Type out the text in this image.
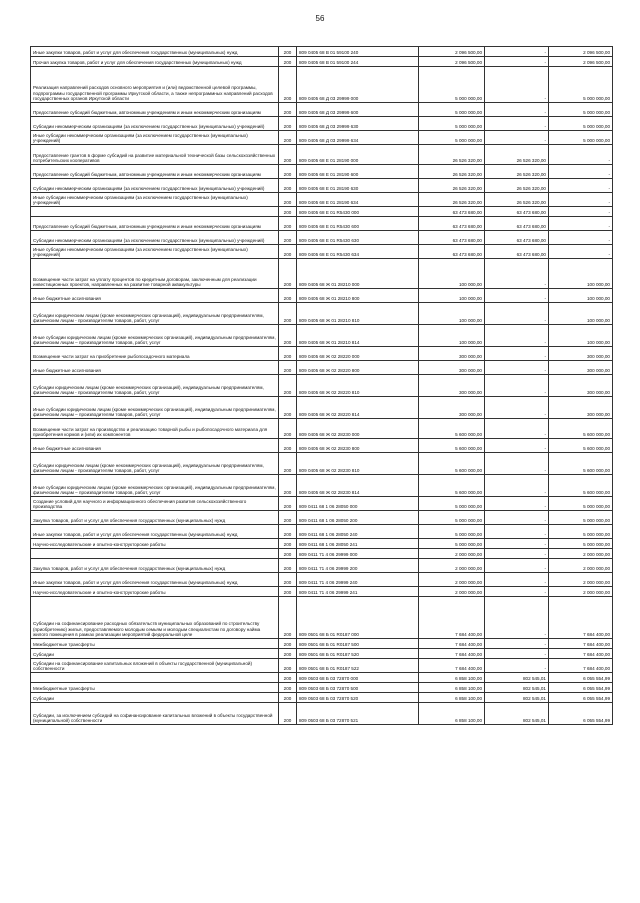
56
Иные закупки товаров, работ и услуг для обеспечения государственных (муниципальных) нужд	200	809 0405 68 В 01 59100 240	2 096 500,00	-	2 096 500,00
Прочая закупка товаров, работ и услуг для обеспечения государственных (муниципальных) нужд	200	809 0405 68 В 01 59100 244	2 096 500,00	-	2 096 500,00
Реализация направлений расходов основного мероприятия и (или) ведомственной целевой программы, подпрограммы государственной программы Иркутской области, а также непрограммных направлений расходов государственных органов Иркутской области	200	809 0405 68 Д 03 29999 000	5 000 000,00	-	5 000 000,00
Предоставление субсидий бюджетным, автономным учреждениям и иным некоммерческим организациям	200	809 0405 68 Д 03 29999 600	5 000 000,00	-	5 000 000,00
Субсидии некоммерческим организациям (за исключением государственных (муниципальных) учреждений)	200	809 0405 68 Д 03 29999 630	5 000 000,00	-	5 000 000,00
Иные субсидии некоммерческим организациям (за исключением государственных (муниципальных) учреждений)	200	809 0405 68 Д 03 29999 634	5 000 000,00	-	5 000 000,00
Предоставление грантов в форме субсидий на развитие материальной технической базы сельскохозяйственных потребительских кооперативов	200	809 0405 68 Е 01 28190 000	26 526 320,00	26 526 320,00	-
Предоставление субсидий бюджетным, автономным учреждениям и иным некоммерческим организациям	200	809 0405 68 Е 01 28190 600	26 526 320,00	26 526 320,00	-
Субсидии некоммерческим организациям (за исключением государственных (муниципальных) учреждений)	200	809 0405 68 Е 01 28190 630	26 526 320,00	26 526 320,00	-
Иные субсидии некоммерческим организациям (за исключением государственных (муниципальных) учреждений)	200	809 0405 68 Е 01 28190 634	26 526 320,00	26 526 320,00	-
	200	809 0405 68 Е 01 R5430 000	63 473 680,00	63 473 680,00	-
Предоставление субсидий бюджетным, автономным учреждениям и иным некоммерческим организациям	200	809 0405 68 Е 01 R5430 600	63 473 680,00	63 473 680,00	-
Субсидии некоммерческим организациям (за исключением государственных (муниципальных) учреждений)	200	809 0405 68 Е 01 R5430 630	63 473 680,00	63 473 680,00	-
Иные субсидии некоммерческим организациям (за исключением государственных (муниципальных) учреждений)	200	809 0405 68 Е 01 R5430 634	63 473 680,00	63 473 680,00	-
Возмещение части затрат на уплату процентов по кредитным договорам, заключенным для реализации инвестиционных проектов, направленных на развитие товарной аквакультуры	200	809 0405 68 Ж 01 28210 000	100 000,00	-	100 000,00
Иные бюджетные ассигнования	200	809 0405 68 Ж 01 28210 800	100 000,00	-	100 000,00
Субсидии юридическим лицам (кроме некоммерческих организаций), индивидуальным предпринимателям, физическим лицам - производителям товаров, работ, услуг	200	809 0405 68 Ж 01 28210 810	100 000,00	-	100 000,00
Иные субсидии юридическим лицам (кроме некоммерческих организаций), индивидуальным предпринимателям, физическим лицам – производителям товаров, работ, услуг	200	809 0405 68 Ж 01 28210 814	100 000,00	-	100 000,00
Возмещение части затрат на приобретение рыбопосадочного материала	200	809 0405 68 Ж 02 28220 000	300 000,00	-	300 000,00
Иные бюджетные ассигнования	200	809 0405 68 Ж 02 28220 800	300 000,00	-	300 000,00
Субсидии юридическим лицам (кроме некоммерческих организаций), индивидуальным предпринимателям, физическим лицам - производителям товаров, работ, услуг	200	809 0405 68 Ж 02 28220 810	300 000,00	-	300 000,00
Иные субсидии юридическим лицам (кроме некоммерческих организаций), индивидуальным предпринимателям, физическим лицам – производителям товаров, работ, услуг	200	809 0405 68 Ж 02 28220 814	300 000,00	-	300 000,00
Возмещение части затрат на производство и реализацию товарной рыбы и рыбопосадочного материала для приобретения кормов и (или) их компонентов	200	809 0405 68 Ж 02 28230 000	5 600 000,00	-	5 600 000,00
Иные бюджетные ассигнования	200	809 0405 68 Ж 02 28230 800	5 600 000,00	-	5 600 000,00
Субсидии юридическим лицам (кроме некоммерческих организаций), индивидуальным предпринимателям, физическим лицам - производителям товаров, работ, услуг	200	809 0405 68 Ж 02 28230 810	5 600 000,00	-	5 600 000,00
Иные субсидии юридическим лицам (кроме некоммерческих организаций), индивидуальным предпринимателям, физическим лицам – производителям товаров, работ, услуг	200	809 0405 68 Ж 02 28230 814	5 600 000,00	-	5 600 000,00
Создание условий для научного и информационного обеспечения развития сельскохозяйственного производства	200	809 0411 68 1 06 28050 000	5 000 000,00	-	5 000 000,00
Закупка товаров, работ и услуг для обеспечения государственных (муниципальных) нужд	200	809 0411 68 1 06 28050 200	5 000 000,00	-	5 000 000,00
Иные закупки товаров, работ и услуг для обеспечения государственных (муниципальных) нужд	200	809 0411 68 1 06 28050 240	5 000 000,00	-	5 000 000,00
Научно-исследовательские и опытно-конструкторские работы	200	809 0411 68 1 06 28050 241	5 000 000,00	-	5 000 000,00
	200	809 0411 71 4 06 29999 000	2 000 000,00	-	2 000 000,00
Закупка товаров, работ и услуг для обеспечения государственных (муниципальных) нужд	200	809 0411 71 4 06 29999 200	2 000 000,00	-	2 000 000,00
Иные закупки товаров, работ и услуг для обеспечения государственных (муниципальных) нужд	200	809 0411 71 4 06 29999 240	2 000 000,00	-	2 000 000,00
Научно-исследовательские и опытно-конструкторские работы	200	809 0411 71 4 06 29999 241	2 000 000,00	-	2 000 000,00
Субсидии на софинансирование расходных обязательств муниципальных образований по строительству (приобретению) жилья, предоставляемого молодым семьям и молодым специалистам по договору найма жилого помещения в рамках реализации мероприятий федеральной целе	200	809 0501 68 Б 01 R0187 000	7 684 400,00	-	7 684 400,00
Межбюджетные трансферты	200	809 0501 68 Б 01 R0187 500	7 684 400,00	-	7 684 400,00
Субсидии	200	809 0501 68 Б 01 R0187 520	7 684 400,00	-	7 684 400,00
Субсидии на софинансирование капитальных вложений в объекты государственной (муниципальной) собственности	200	809 0501 68 Б 01 R0187 522	7 684 400,00	-	7 684 400,00
	200	809 0503 68 Б 03 72870 000	6 858 100,00	802 545,01	6 055 554,99
Межбюджетные трансферты	200	809 0503 68 Б 03 72870 500	6 858 100,00	802 545,01	6 055 554,99
Субсидии	200	809 0503 68 Б 03 72870 520	6 858 100,00	802 545,01	6 055 554,99
Субсидии, за исключением субсидий на софинансирование капитальных вложений в объекты государственной (муниципальной) собственности	200	809 0503 68 Б 03 72870 521	6 858 100,00	802 545,01	6 055 554,99
